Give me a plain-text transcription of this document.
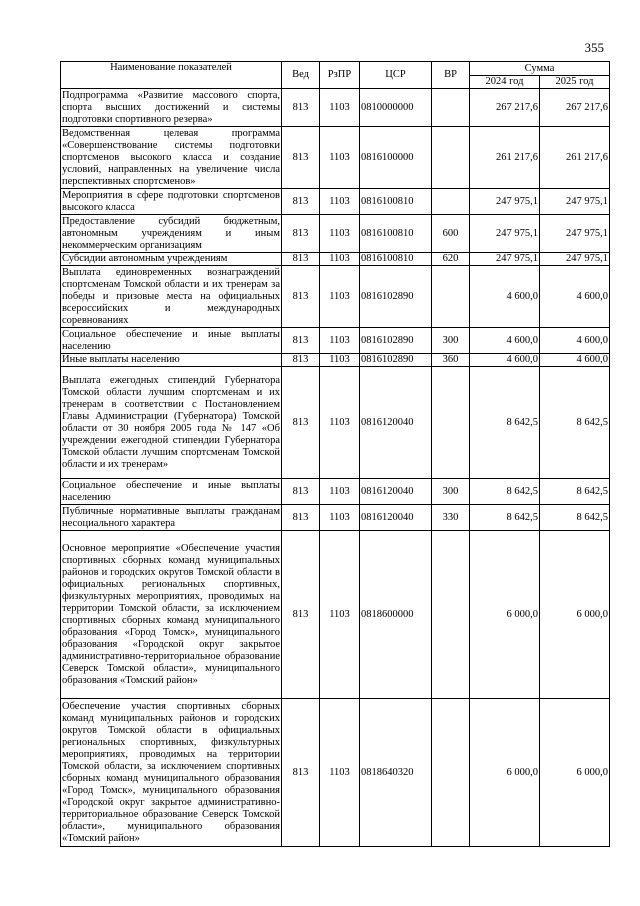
355
Наименование показателей	Вед	РзПР	ЦСР	ВР	Сумма	
					2024 год	2025 год
Подпрограмма «Развитие массового спорта, спорта высших достижений и системы подготовки спортивного резерва»	813	1103	0810000000		267 217,6	267 217,6
Ведомственная целевая программа «Совершенствование системы подготовки спортсменов высокого класса и создание условий, направленных на увеличение числа перспективных спортсменов»	813	1103	0816100000		261 217,6	261 217,6
Мероприятия в сфере подготовки спортсменов высокого класса	813	1103	0816100810		247 975,1	247 975,1
Предоставление субсидий бюджетным, автономным учреждениям и иным некоммерческим организациям	813	1103	0816100810	600	247 975,1	247 975,1
Субсидии автономным учреждениям	813	1103	0816100810	620	247 975,1	247 975,1
Выплата единовременных вознаграждений спортсменам Томской области и их тренерам за победы и призовые места на официальных всероссийских и международных соревнованиях	813	1103	0816102890		4 600,0	4 600,0
Социальное обеспечение и иные выплаты населению	813	1103	0816102890	300	4 600,0	4 600,0
Иные выплаты населению	813	1103	0816102890	360	4 600,0	4 600,0
Выплата ежегодных стипендий Губернатора Томской области лучшим спортсменам и их тренерам в соответствии с Постановлением Главы Администрации (Губернатора) Томской области от 30 ноября 2005 года № 147 «Об учреждении ежегодной стипендии Губернатора Томской области лучшим спортсменам Томской области и их тренерам»	813	1103	0816120040		8 642,5	8 642,5
Социальное обеспечение и иные выплаты населению	813	1103	0816120040	300	8 642,5	8 642,5
Публичные нормативные выплаты гражданам несоциального характера	813	1103	0816120040	330	8 642,5	8 642,5
Основное мероприятие «Обеспечение участия спортивных сборных команд муниципальных районов и городских округов Томской области в официальных региональных спортивных, физкультурных мероприятиях, проводимых на территории Томской области, за исключением спортивных сборных команд муниципального образования «Город Томск», муниципального образования «Городской округ закрытое административно-территориальное образование Северск Томской области», муниципального образования «Томский район»	813	1103	0818600000		6 000,0	6 000,0
Обеспечение участия спортивных сборных команд муниципальных районов и городских округов Томской области в официальных региональных спортивных, физкультурных мероприятиях, проводимых на территории Томской области, за исключением спортивных сборных команд муниципального образования «Город Томск», муниципального образования «Городской округ закрытое административно-территориальное образование Северск Томской области», муниципального образования «Томский район»	813	1103	0818640320		6 000,0	6 000,0
